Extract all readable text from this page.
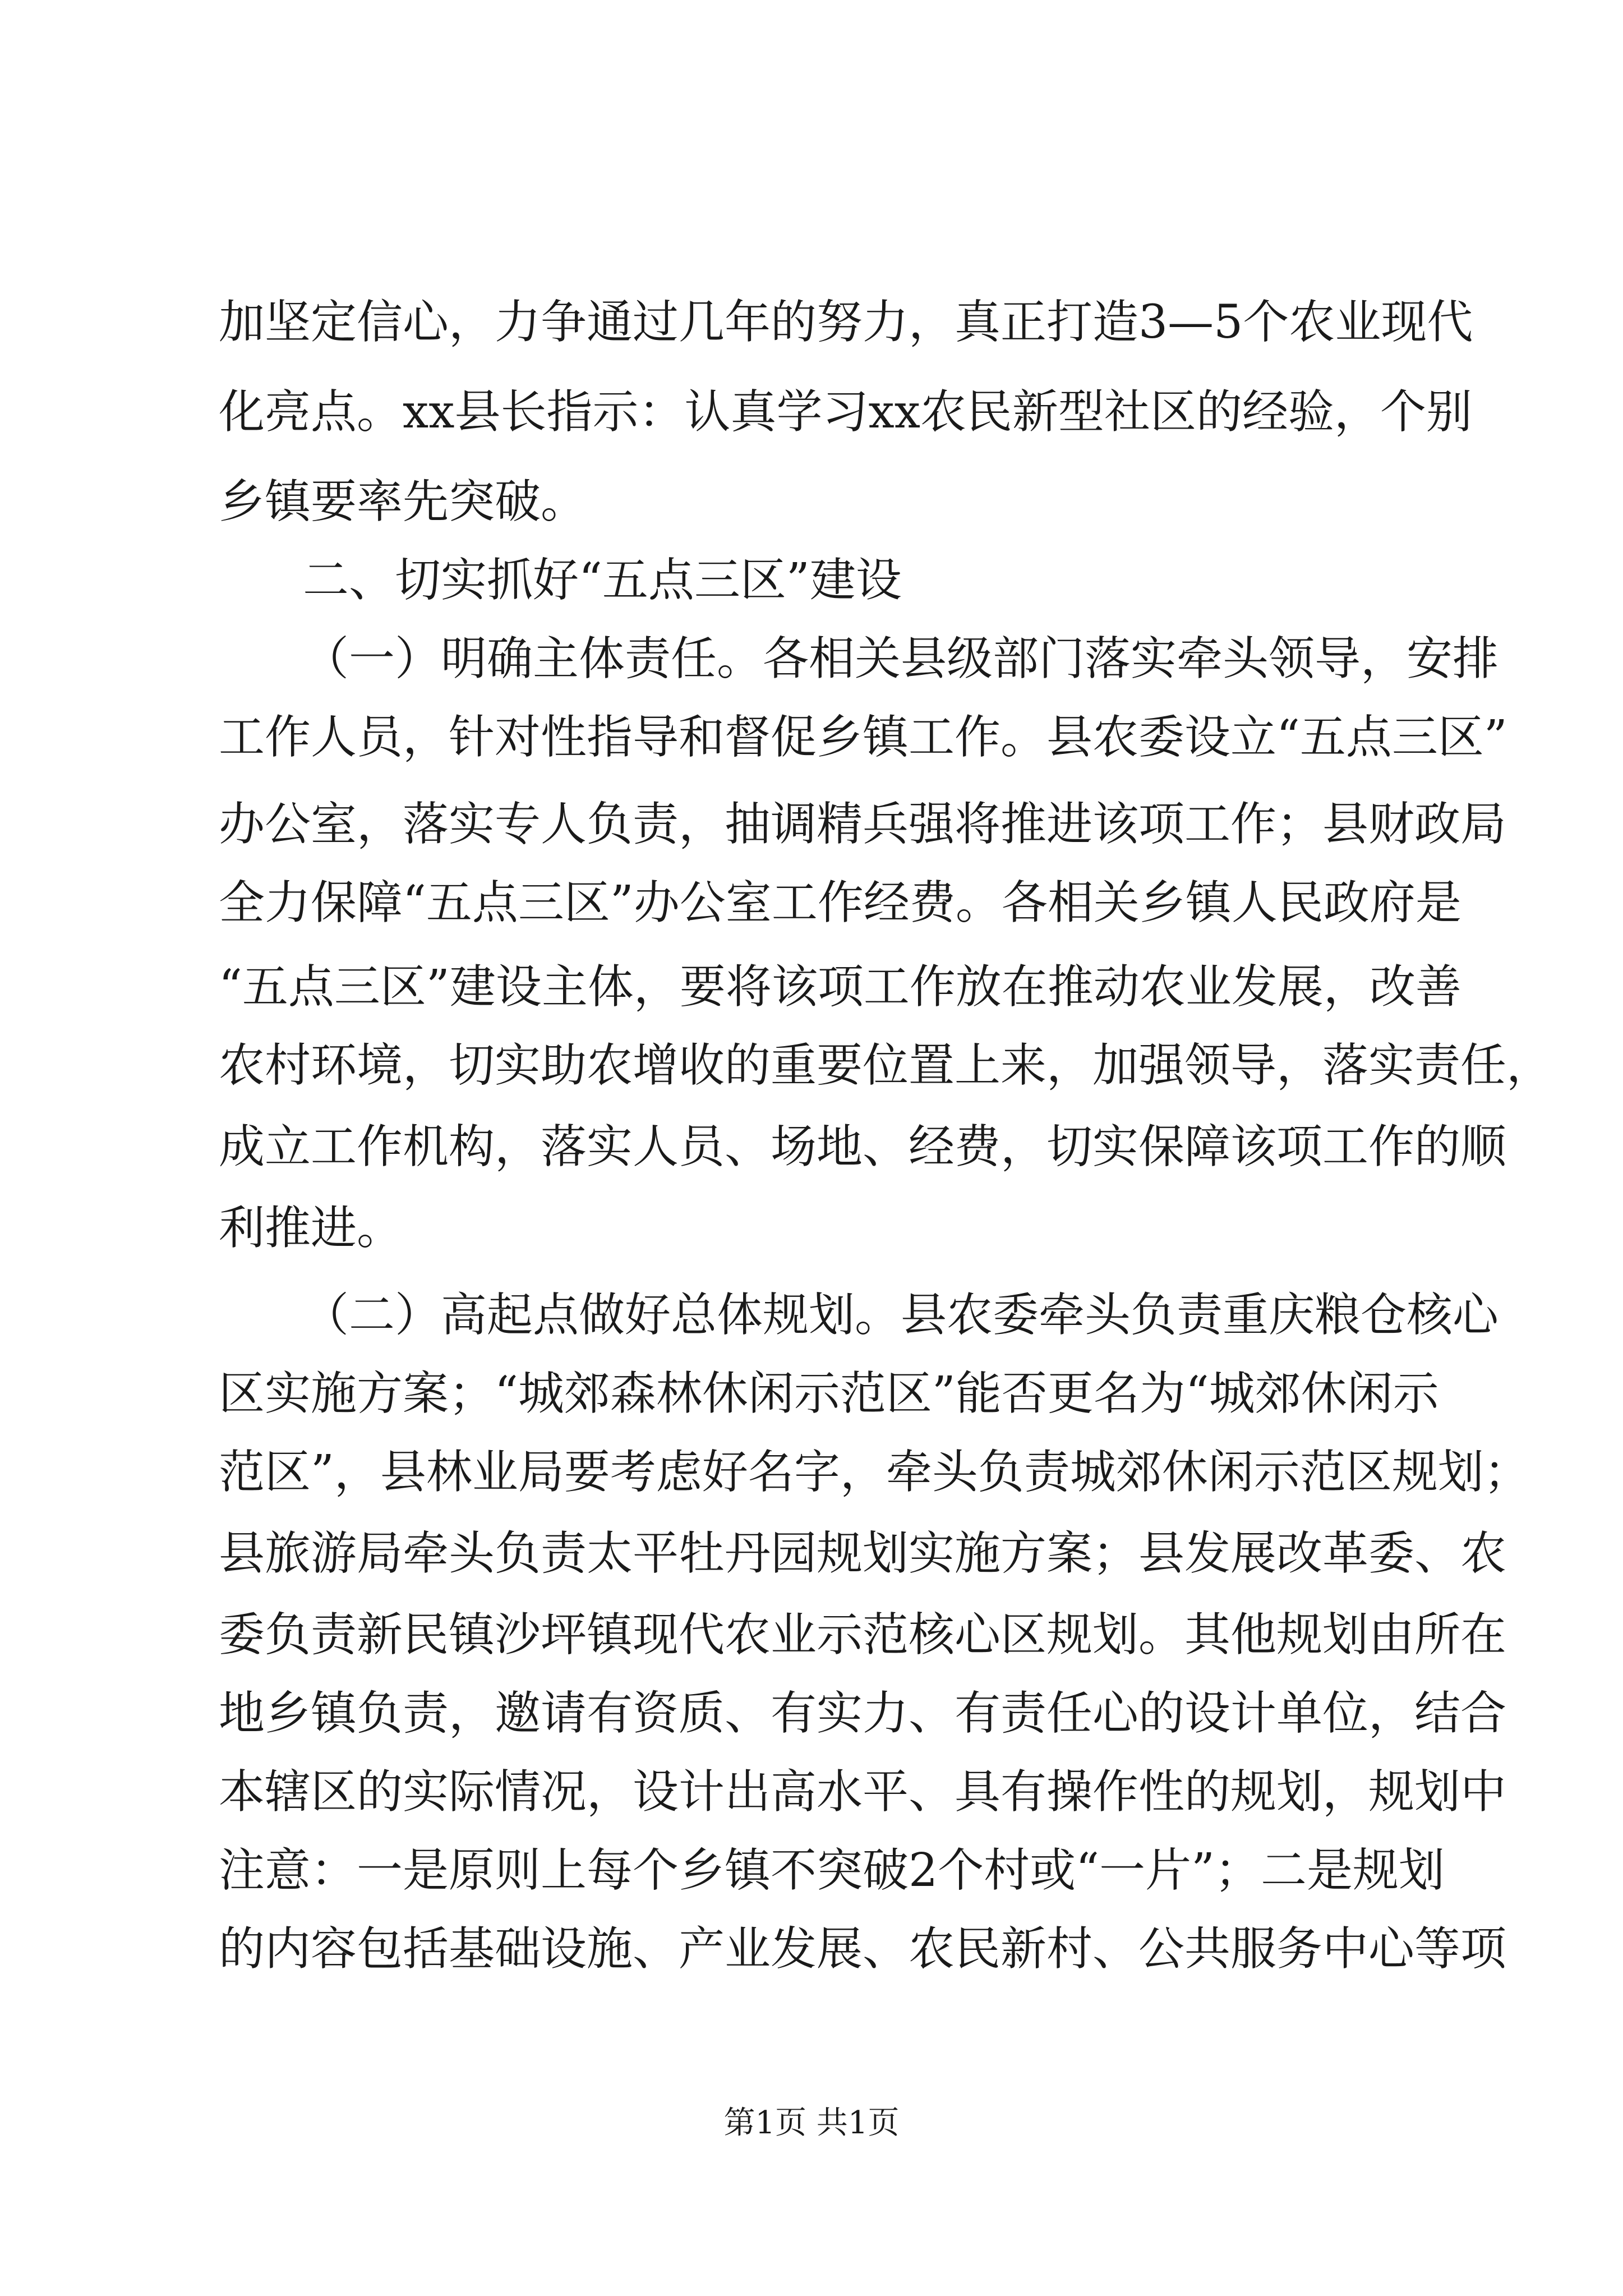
加坚定信心，力争通过几年的努力，真正打造3—5个农业现代
化亮点。xx县长指示：认真学习xx农民新型社区的经验，个别
乡镇要率先突破。
二、切实抓好“五点三区”建设
（一）明确主体责任。各相关县级部门落实牵头领导，安排
工作人员，针对性指导和督促乡镇工作。县农委设立“五点三区”
办公室，落实专人负责，抽调精兵强将推进该项工作；县财政局
全力保障“五点三区”办公室工作经费。各相关乡镇人民政府是
“五点三区”建设主体，要将该项工作放在推动农业发展，改善
农村环境，切实助农增收的重要位置上来，加强领导，落实责任，
成立工作机构，落实人员、场地、经费，切实保障该项工作的顺
利推进。
（二）高起点做好总体规划。县农委牵头负责重庆粮仓核心
区实施方案；“城郊森林休闲示范区”能否更名为“城郊休闲示
范区”，县林业局要考虑好名字，牵头负责城郊休闲示范区规划；
县旅游局牵头负责太平牡丹园规划实施方案；县发展改革委、农
委负责新民镇沙坪镇现代农业示范核心区规划。其他规划由所在
地乡镇负责，邀请有资质、有实力、有责任心的设计单位，结合
本辖区的实际情况，设计出高水平、具有操作性的规划，规划中
注意：一是原则上每个乡镇不突破2个村或“一片”；二是规划
的内容包括基础设施、产业发展、农民新村、公共服务中心等项
第1页 共1页
